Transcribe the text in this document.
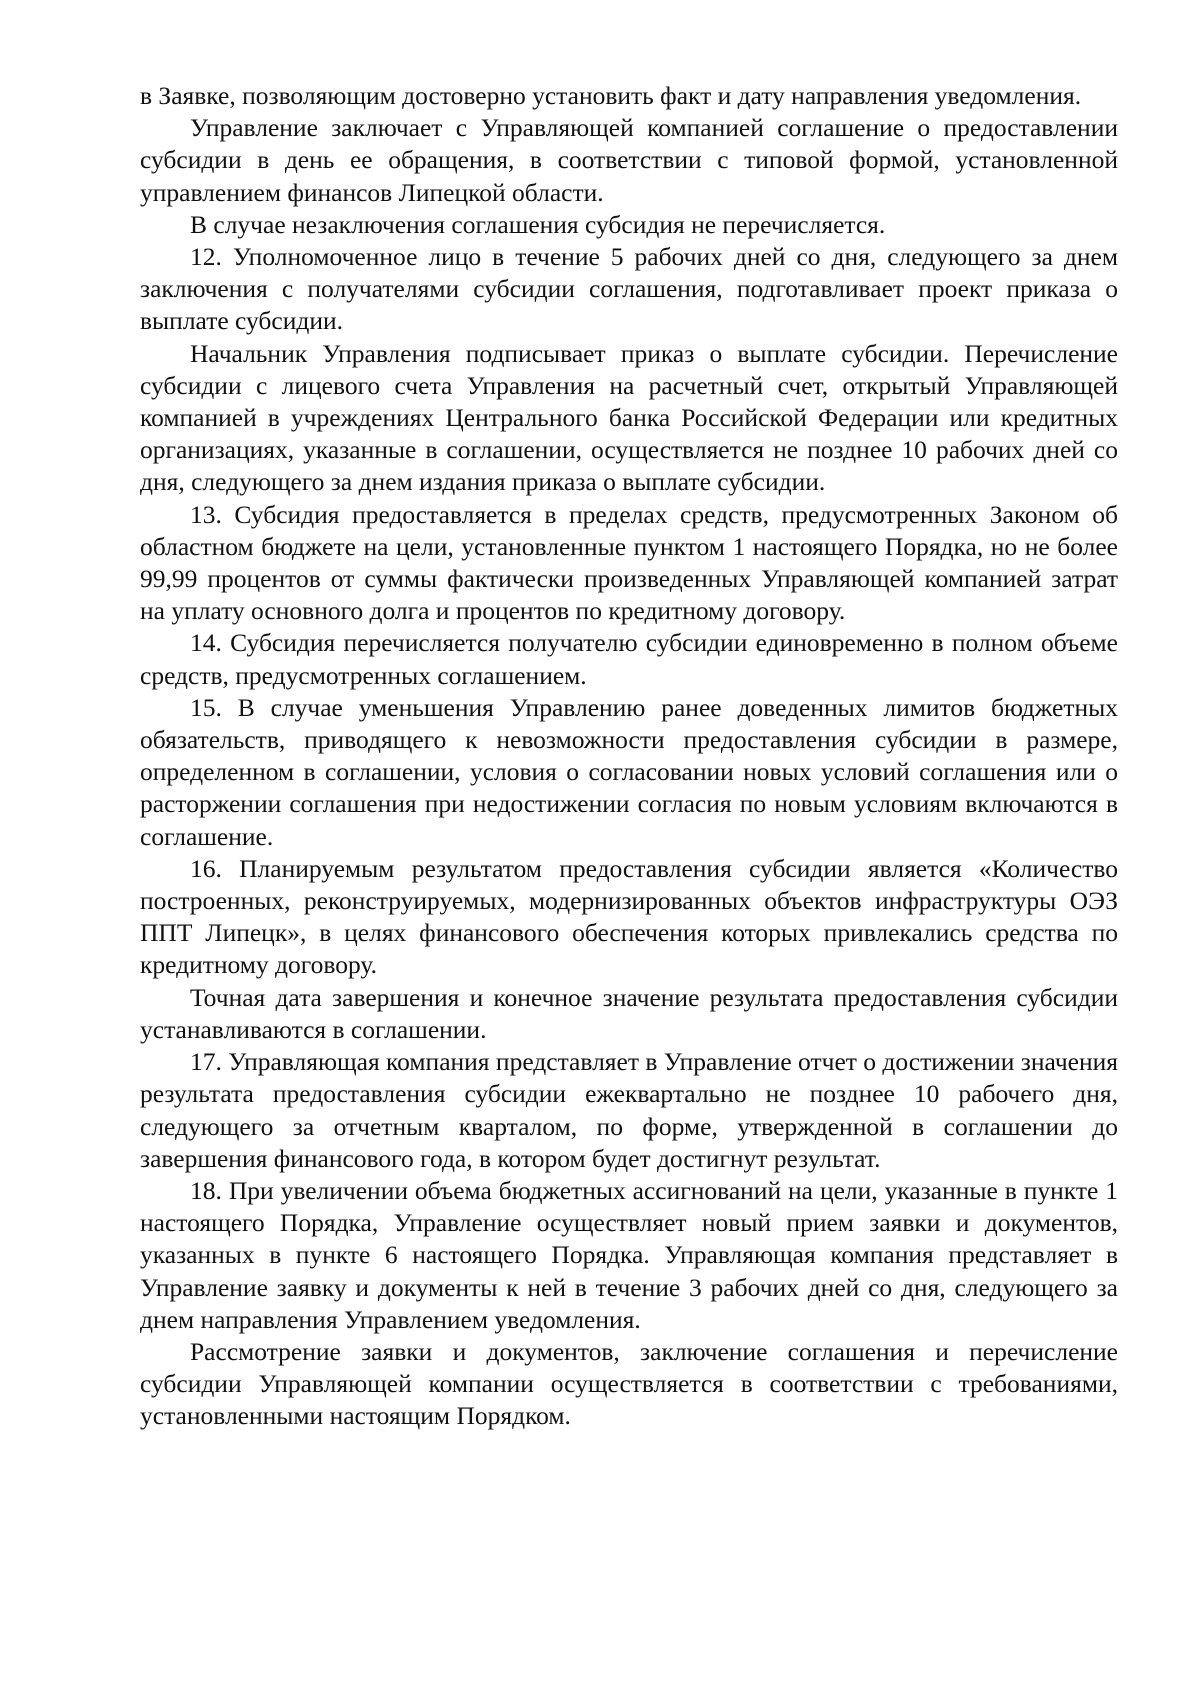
в Заявке, позволяющим достоверно установить факт и дату направления уведомления.

Управление заключает с Управляющей компанией соглашение о предоставлении субсидии в день ее обращения, в соответствии с типовой формой, установленной управлением финансов Липецкой области.

В случае незаключения соглашения субсидия не перечисляется.

12. Уполномоченное лицо в течение 5 рабочих дней со дня, следующего за днем заключения с получателями субсидии соглашения, подготавливает проект приказа о выплате субсидии.

Начальник Управления подписывает приказ о выплате субсидии. Перечисление субсидии с лицевого счета Управления на расчетный счет, открытый Управляющей компанией в учреждениях Центрального банка Российской Федерации или кредитных организациях, указанные в соглашении, осуществляется не позднее 10 рабочих дней со дня, следующего за днем издания приказа о выплате субсидии.

13. Субсидия предоставляется в пределах средств, предусмотренных Законом об областном бюджете на цели, установленные пунктом 1 настоящего Порядка, но не более 99,99 процентов от суммы фактически произведенных Управляющей компанией затрат на уплату основного долга и процентов по кредитному договору.

14. Субсидия перечисляется получателю субсидии единовременно в полном объеме средств, предусмотренных соглашением.

15. В случае уменьшения Управлению ранее доведенных лимитов бюджетных обязательств, приводящего к невозможности предоставления субсидии в размере, определенном в соглашении, условия о согласовании новых условий соглашения или о расторжении соглашения при недостижении согласия по новым условиям включаются в соглашение.

16. Планируемым результатом предоставления субсидии является «Количество построенных, реконструируемых, модернизированных объектов инфраструктуры ОЭЗ ППТ Липецк», в целях финансового обеспечения которых привлекались средства по кредитному договору.

Точная дата завершения и конечное значение результата предоставления субсидии устанавливаются в соглашении.

17. Управляющая компания представляет в Управление отчет о достижении значения результата предоставления субсидии ежеквартально не позднее 10 рабочего дня, следующего за отчетным кварталом, по форме, утвержденной в соглашении до завершения финансового года, в котором будет достигнут результат.

18. При увеличении объема бюджетных ассигнований на цели, указанные в пункте 1 настоящего Порядка, Управление осуществляет новый прием заявки и документов, указанных в пункте 6 настоящего Порядка. Управляющая компания представляет в Управление заявку и документы к ней в течение 3 рабочих дней со дня, следующего за днем направления Управлением уведомления.

Рассмотрение заявки и документов, заключение соглашения и перечисление субсидии Управляющей компании осуществляется в соответствии с требованиями, установленными настоящим Порядком.
